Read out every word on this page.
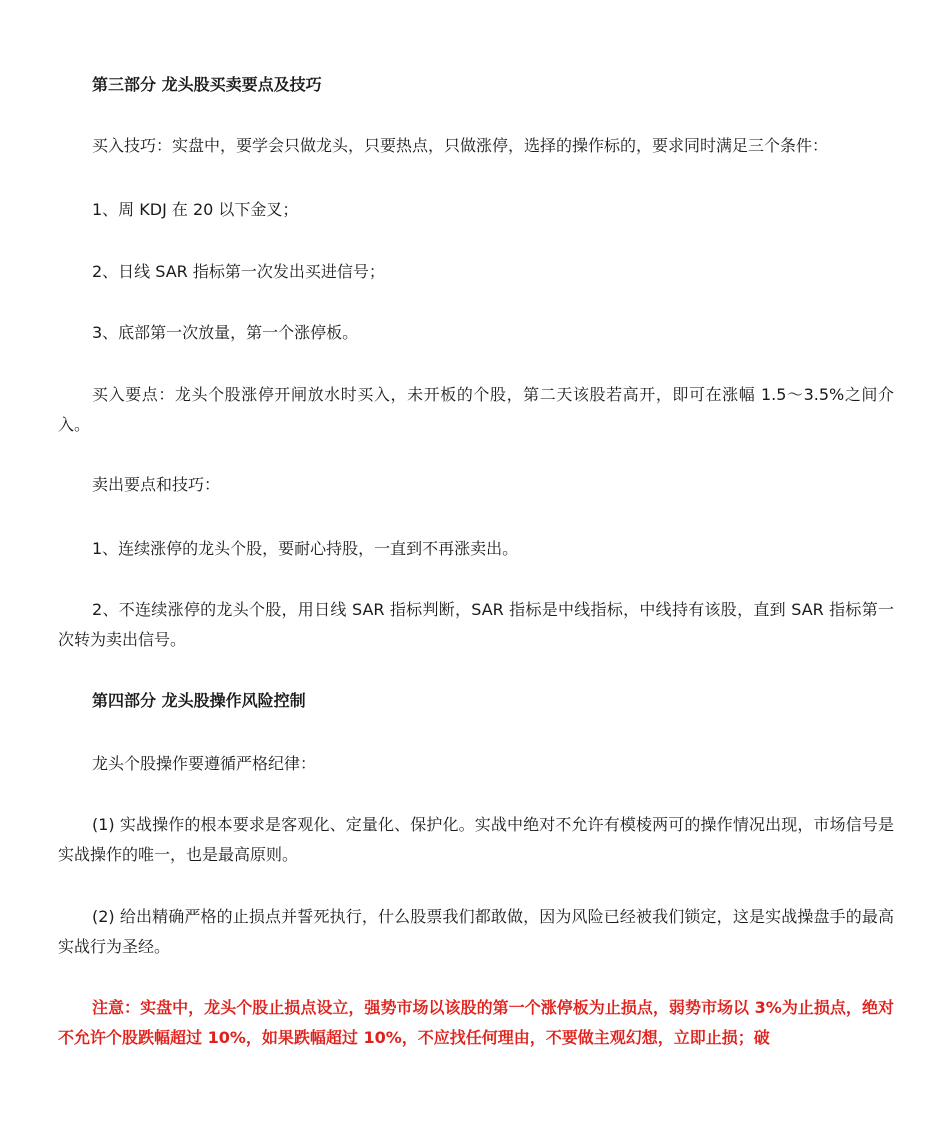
第三部分 龙头股买卖要点及技巧

买入技巧：实盘中，要学会只做龙头，只要热点，只做涨停，选择的操作标的，要求同时满足三个条件：

1、周 KDJ 在 20 以下金叉；

2、日线 SAR 指标第一次发出买进信号；

3、底部第一次放量，第一个涨停板。

买入要点：龙头个股涨停开闸放水时买入，未开板的个股，第二天该股若高开，即可在涨幅 1.5～3.5%之间介入。

卖出要点和技巧：

1、连续涨停的龙头个股，要耐心持股，一直到不再涨卖出。

2、不连续涨停的龙头个股，用日线 SAR 指标判断，SAR 指标是中线指标，中线持有该股，直到 SAR 指标第一次转为卖出信号。

第四部分 龙头股操作风险控制

龙头个股操作要遵循严格纪律：

(1) 实战操作的根本要求是客观化、定量化、保护化。实战中绝对不允许有模棱两可的操作情况出现，市场信号是实战操作的唯一，也是最高原则。

(2) 给出精确严格的止损点并誓死执行，什么股票我们都敢做，因为风险已经被我们锁定，这是实战操盘手的最高实战行为圣经。

注意：实盘中，龙头个股止损点设立，强势市场以该股的第一个涨停板为止损点，弱势市场以 3%为止损点，绝对不允许个股跌幅超过 10%，如果跌幅超过 10%，不应找任何理由，不要做主观幻想，立即止损；破
